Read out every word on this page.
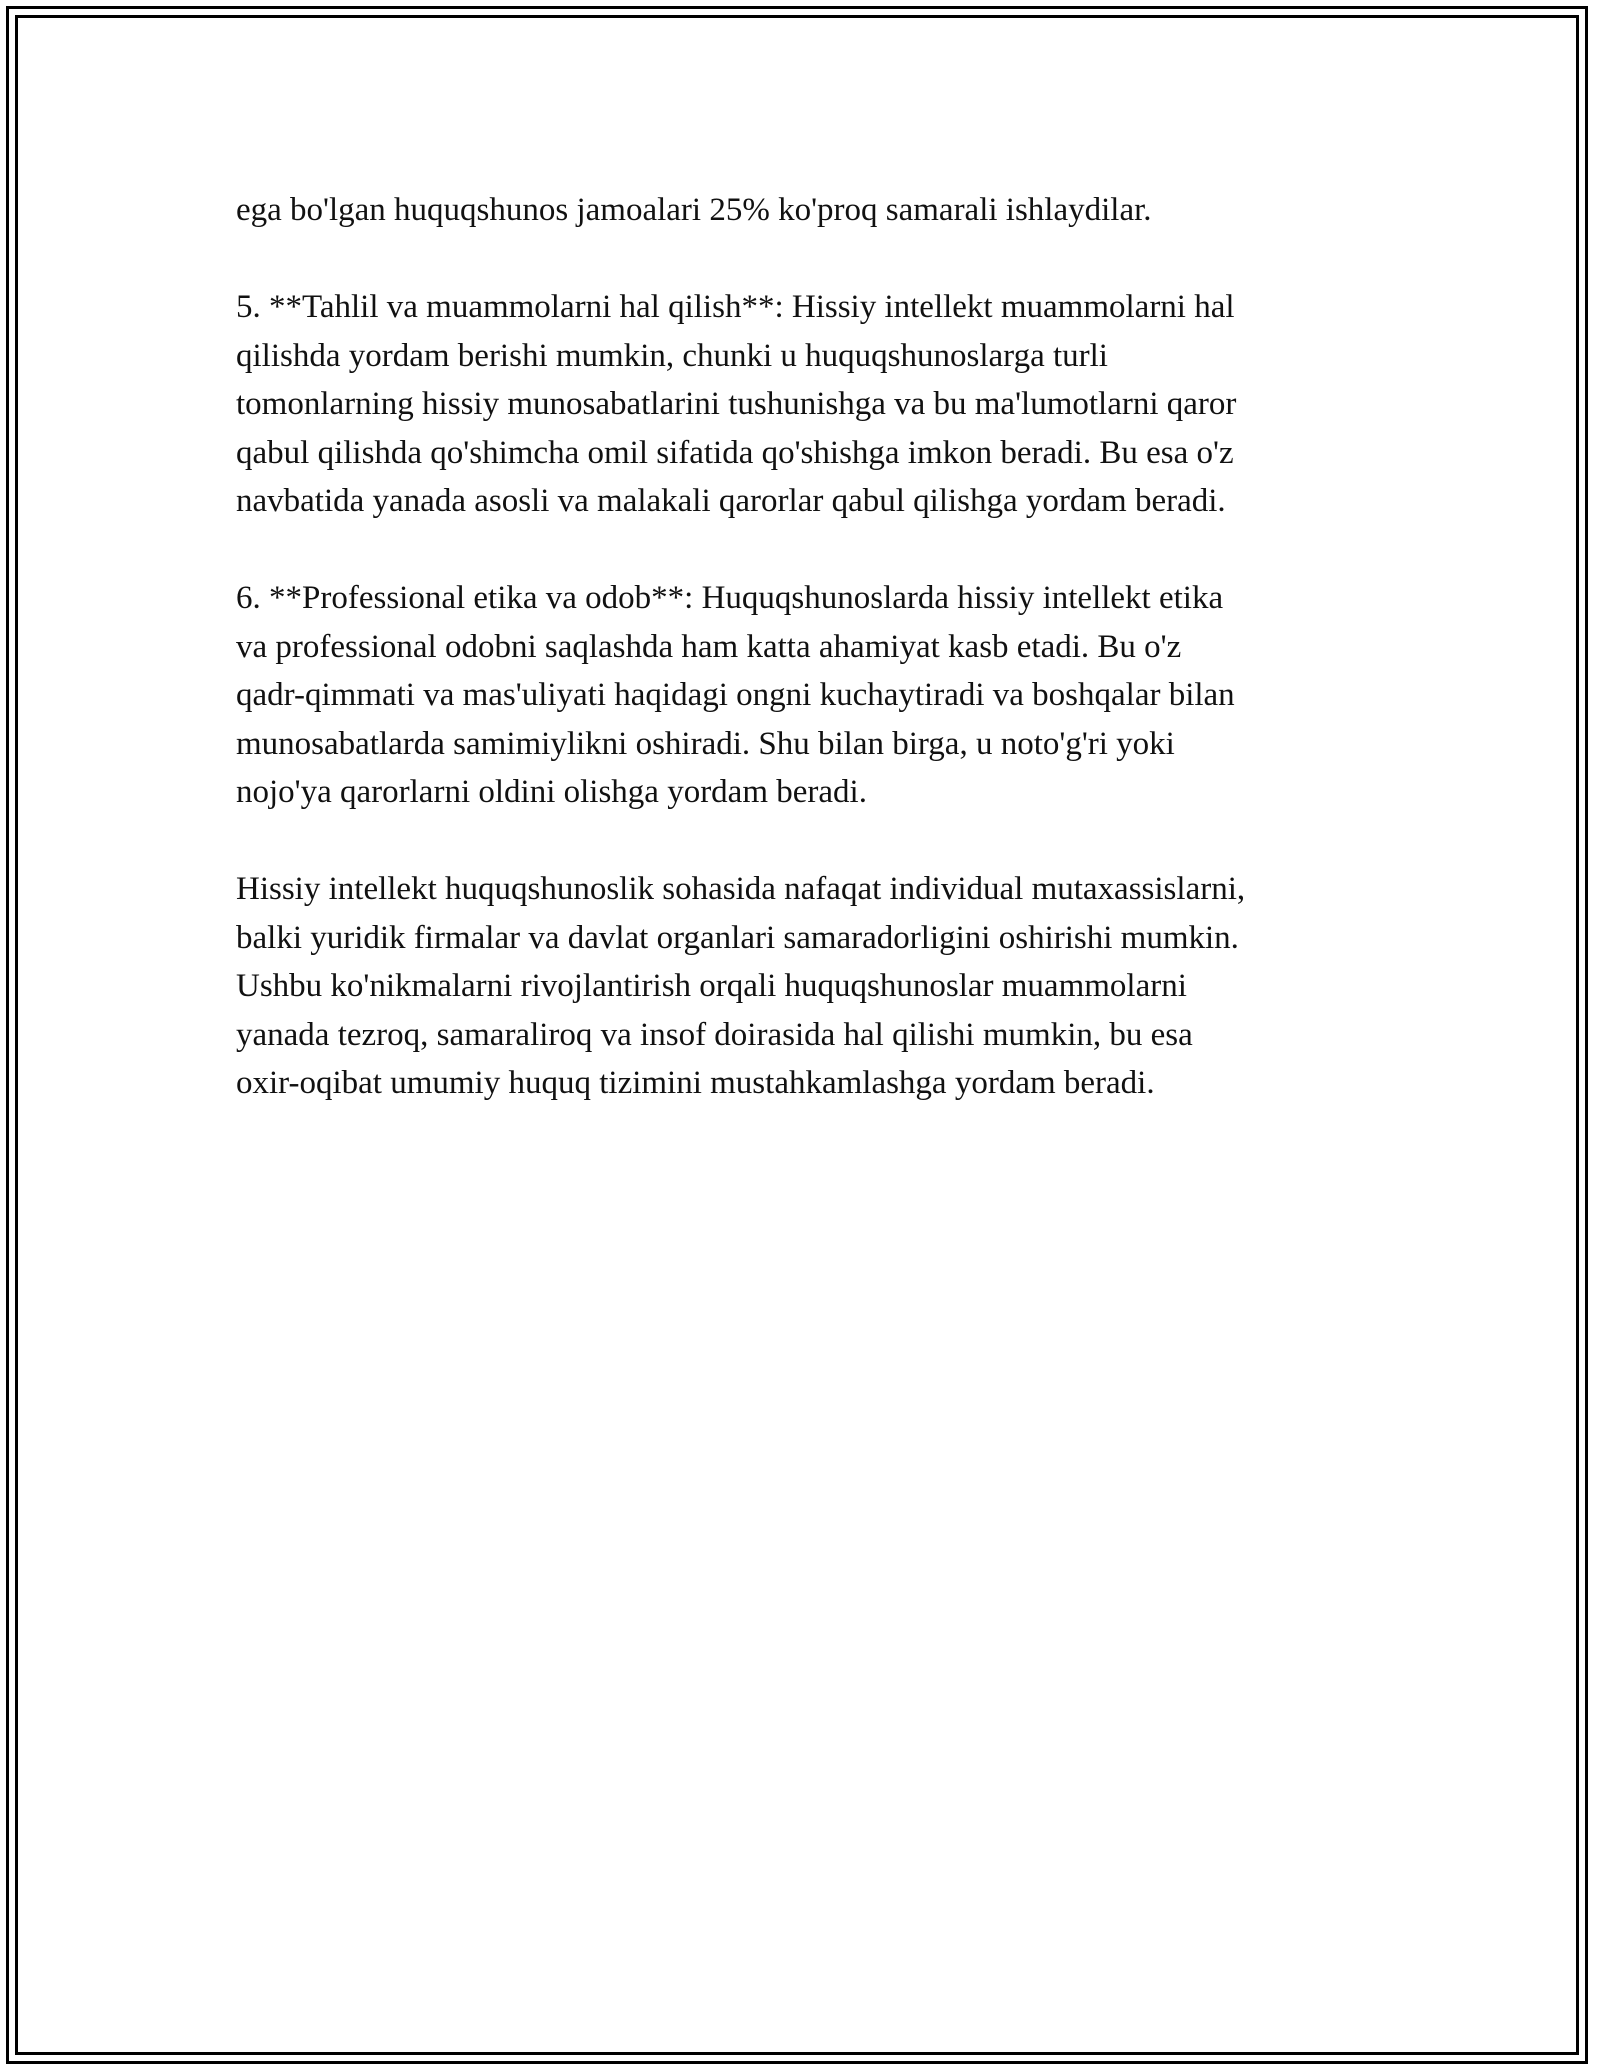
ega bo'lgan huquqshunos jamoalari 25% ko'proq samarali ishlaydilar.

5. **Tahlil va muammolarni hal qilish**: Hissiy intellekt muammolarni hal
qilishda yordam berishi mumkin, chunki u huquqshunoslarga turli
tomonlarning hissiy munosabatlarini tushunishga va bu ma'lumotlarni qaror
qabul qilishda qo'shimcha omil sifatida qo'shishga imkon beradi. Bu esa o'z
navbatida yanada asosli va malakali qarorlar qabul qilishga yordam beradi.

6. **Professional etika va odob**: Huquqshunoslarda hissiy intellekt etika
va professional odobni saqlashda ham katta ahamiyat kasb etadi. Bu o'z
qadr-qimmati va mas'uliyati haqidagi ongni kuchaytiradi va boshqalar bilan
munosabatlarda samimiylikni oshiradi. Shu bilan birga, u noto'g'ri yoki
nojo'ya qarorlarni oldini olishga yordam beradi.

Hissiy intellekt huquqshunoslik sohasida nafaqat individual mutaxassislarni,
balki yuridik firmalar va davlat organlari samaradorligini oshirishi mumkin.
Ushbu ko'nikmalarni rivojlantirish orqali huquqshunoslar muammolarni
yanada tezroq, samaraliroq va insof doirasida hal qilishi mumkin, bu esa
oxir-oqibat umumiy huquq tizimini mustahkamlashga yordam beradi.
